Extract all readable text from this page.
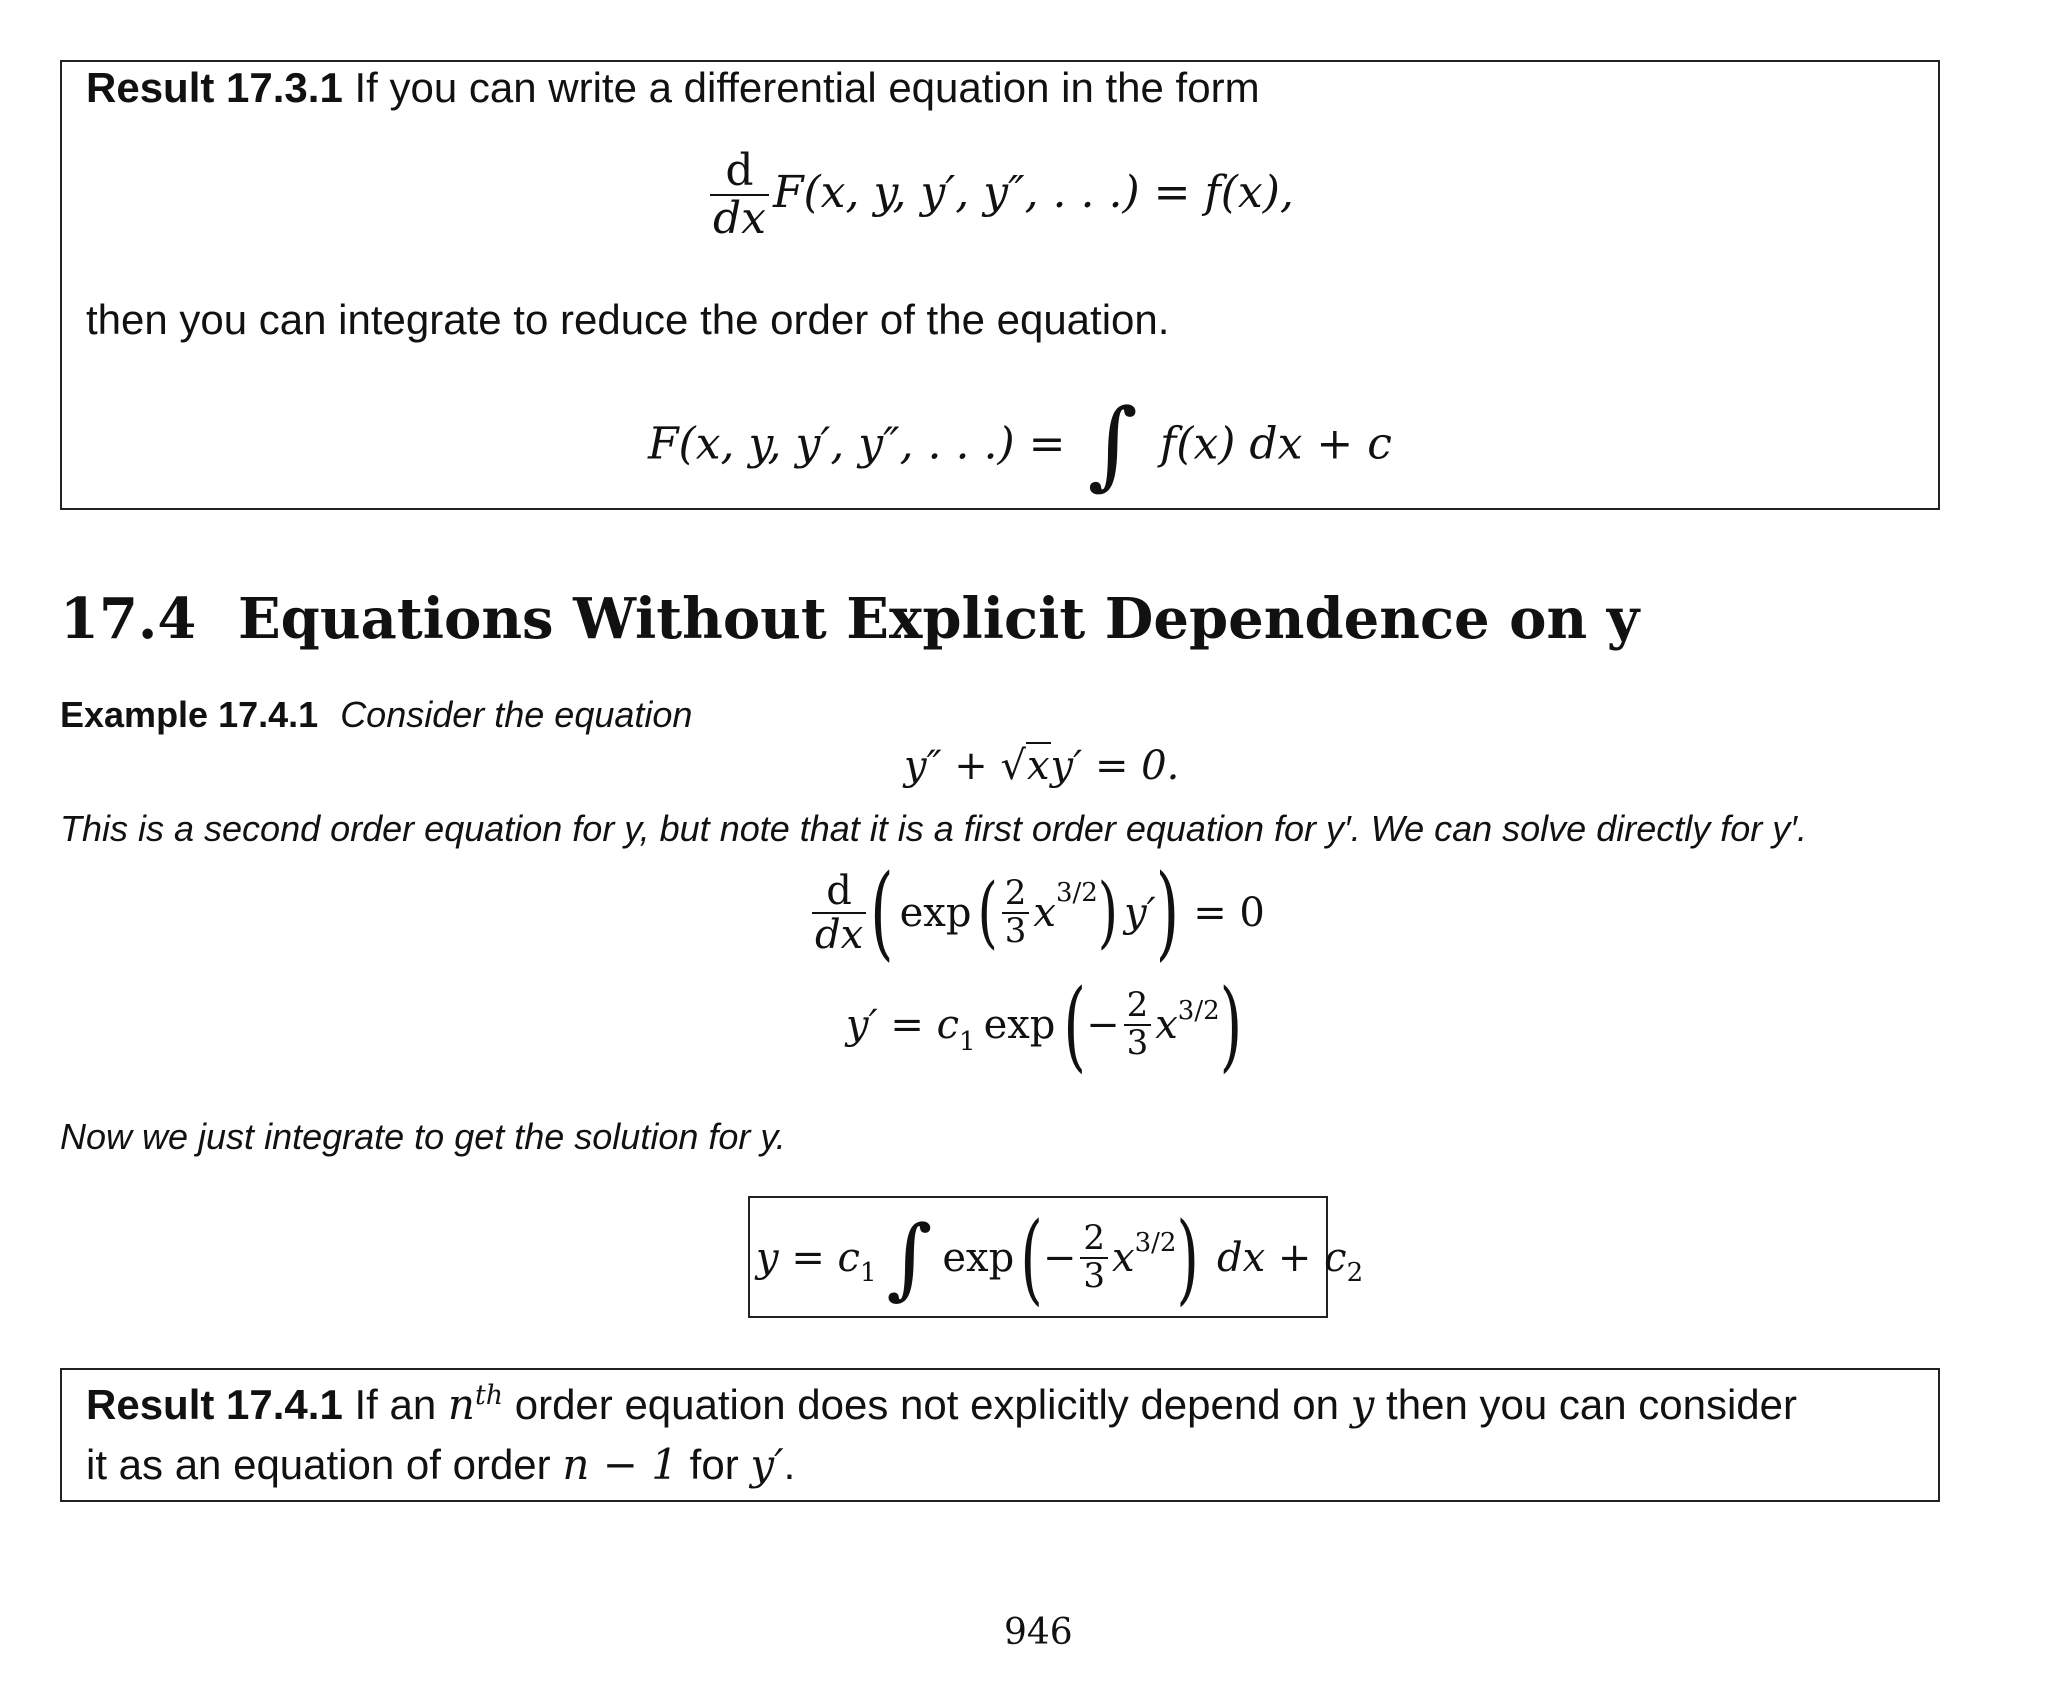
Result 17.3.1 If you can write a differential equation in the form
$\frac{d}{dx} F(x$, y, y′, y″, . . .) = f(x),
then you can integrate to reduce the order of the equation.
F(x, y, y′, y″, . . .) = ∫ f(x) dx + c
17.4 Equations Without Explicit Dependence on y
Example 17.4.1 Consider the equation
y″ + √xy′ = 0.
This is a second order equation for y, but note that it is a first order equation for y′. We can solve directly for y′.
$\frac{d}{dx}$ ( exp ( $\frac{2}{3}$ x 3/2 ) y′ ) = 0
y′ = c 1 exp ( − $\frac{2}{3}$ x 3/2 )
Now we just integrate to get the solution for y.
y = c 1 ∫ exp ( − $\frac{2}{3}$ x 3/2 ) dx + c 2
Result 17.4.1 If an $n^{th}$ order equation does not explicitly depend on y then you can consider
it as an equation of order n − 1 for y′.
946
